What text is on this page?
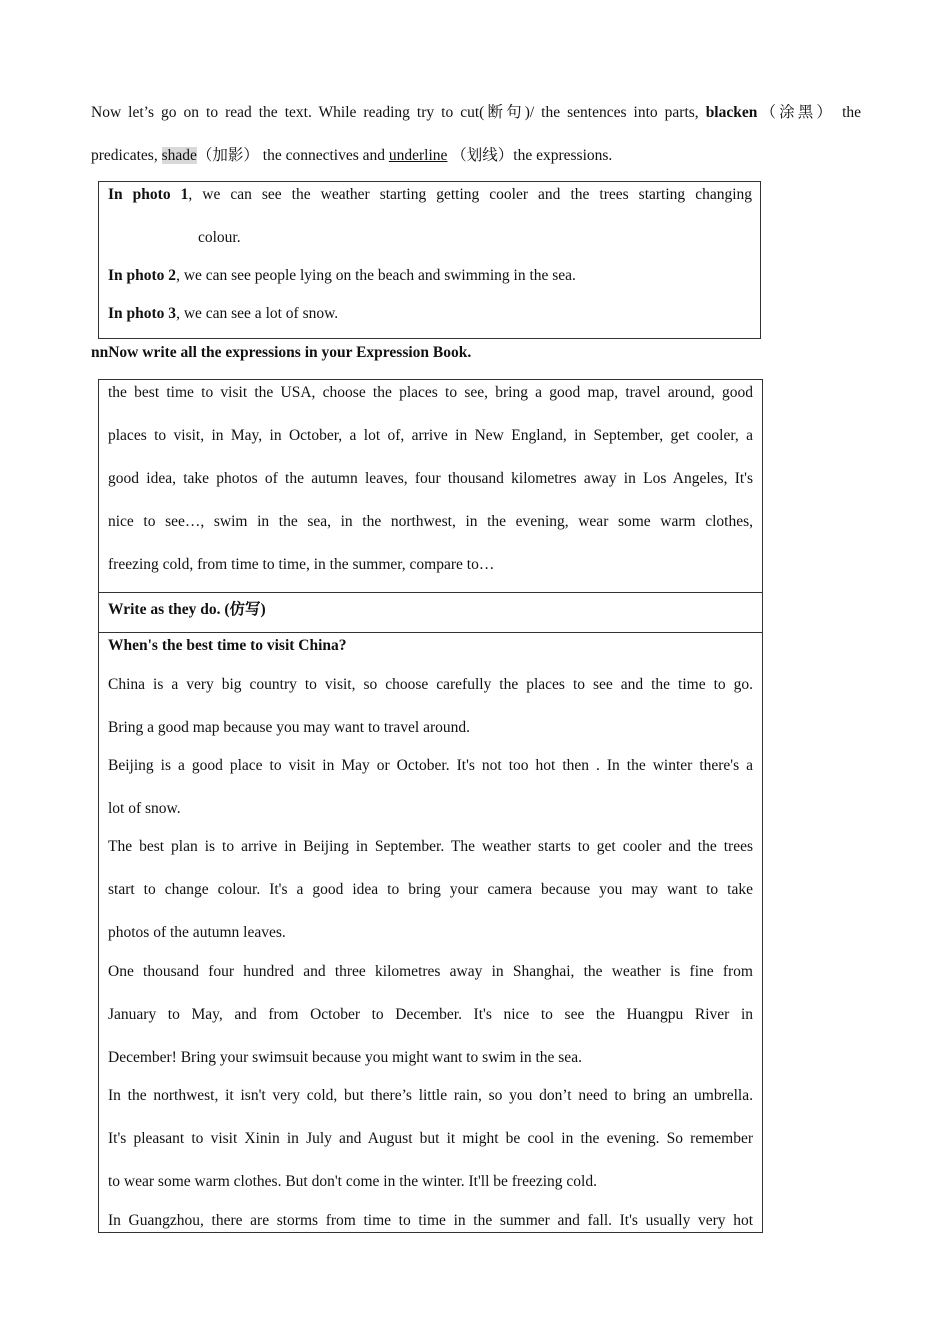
Now let’s go on to read the text. While reading try to cut(断句)/ the sentences into parts, blacken（涂黑） the

predicates, shade（加影） the connectives and underline （划线）the expressions.

In photo 1, we can see the weather starting getting cooler and the trees starting changing
colour.
In photo 2, we can see people lying on the beach and swimming in the sea.
In photo 3, we can see a lot of snow.
nnNow write all the expressions in your Expression Book.
the best time to visit the USA, choose the places to see, bring a good map, travel around, good
places to visit, in May, in October, a lot of, arrive in New England, in September, get cooler, a
good idea, take photos of the autumn leaves, four thousand kilometres away in Los Angeles, It's
nice to see…, swim in the sea, in the northwest, in the evening, wear some warm clothes,
freezing cold, from time to time, in the summer, compare to…
Write as they do. (仿写)
When's the best time to visit China?
China is a very big country to visit, so choose carefully the places to see and the time to go.
Bring a good map because you may want to travel around.
Beijing is a good place to visit in May or October. It's not too hot then . In the winter there's a
lot of snow.
The best plan is to arrive in Beijing in September. The weather starts to get cooler and the trees
start to change colour. It's a good idea to bring your camera because you may want to take
photos of the autumn leaves.
One thousand four hundred and three kilometres away in Shanghai, the weather is fine from
January to May, and from October to December. It's nice to see the Huangpu River in
December! Bring your swimsuit because you might want to swim in the sea.
In the northwest, it isn't very cold, but there’s little rain, so you don’t need to bring an umbrella.
It's pleasant to visit Xinin in July and August but it might be cool in the evening. So remember
to wear some warm clothes. But don't come in the winter. It'll be freezing cold.
In Guangzhou, there are storms from time to time in the summer and fall. It's usually very hot
